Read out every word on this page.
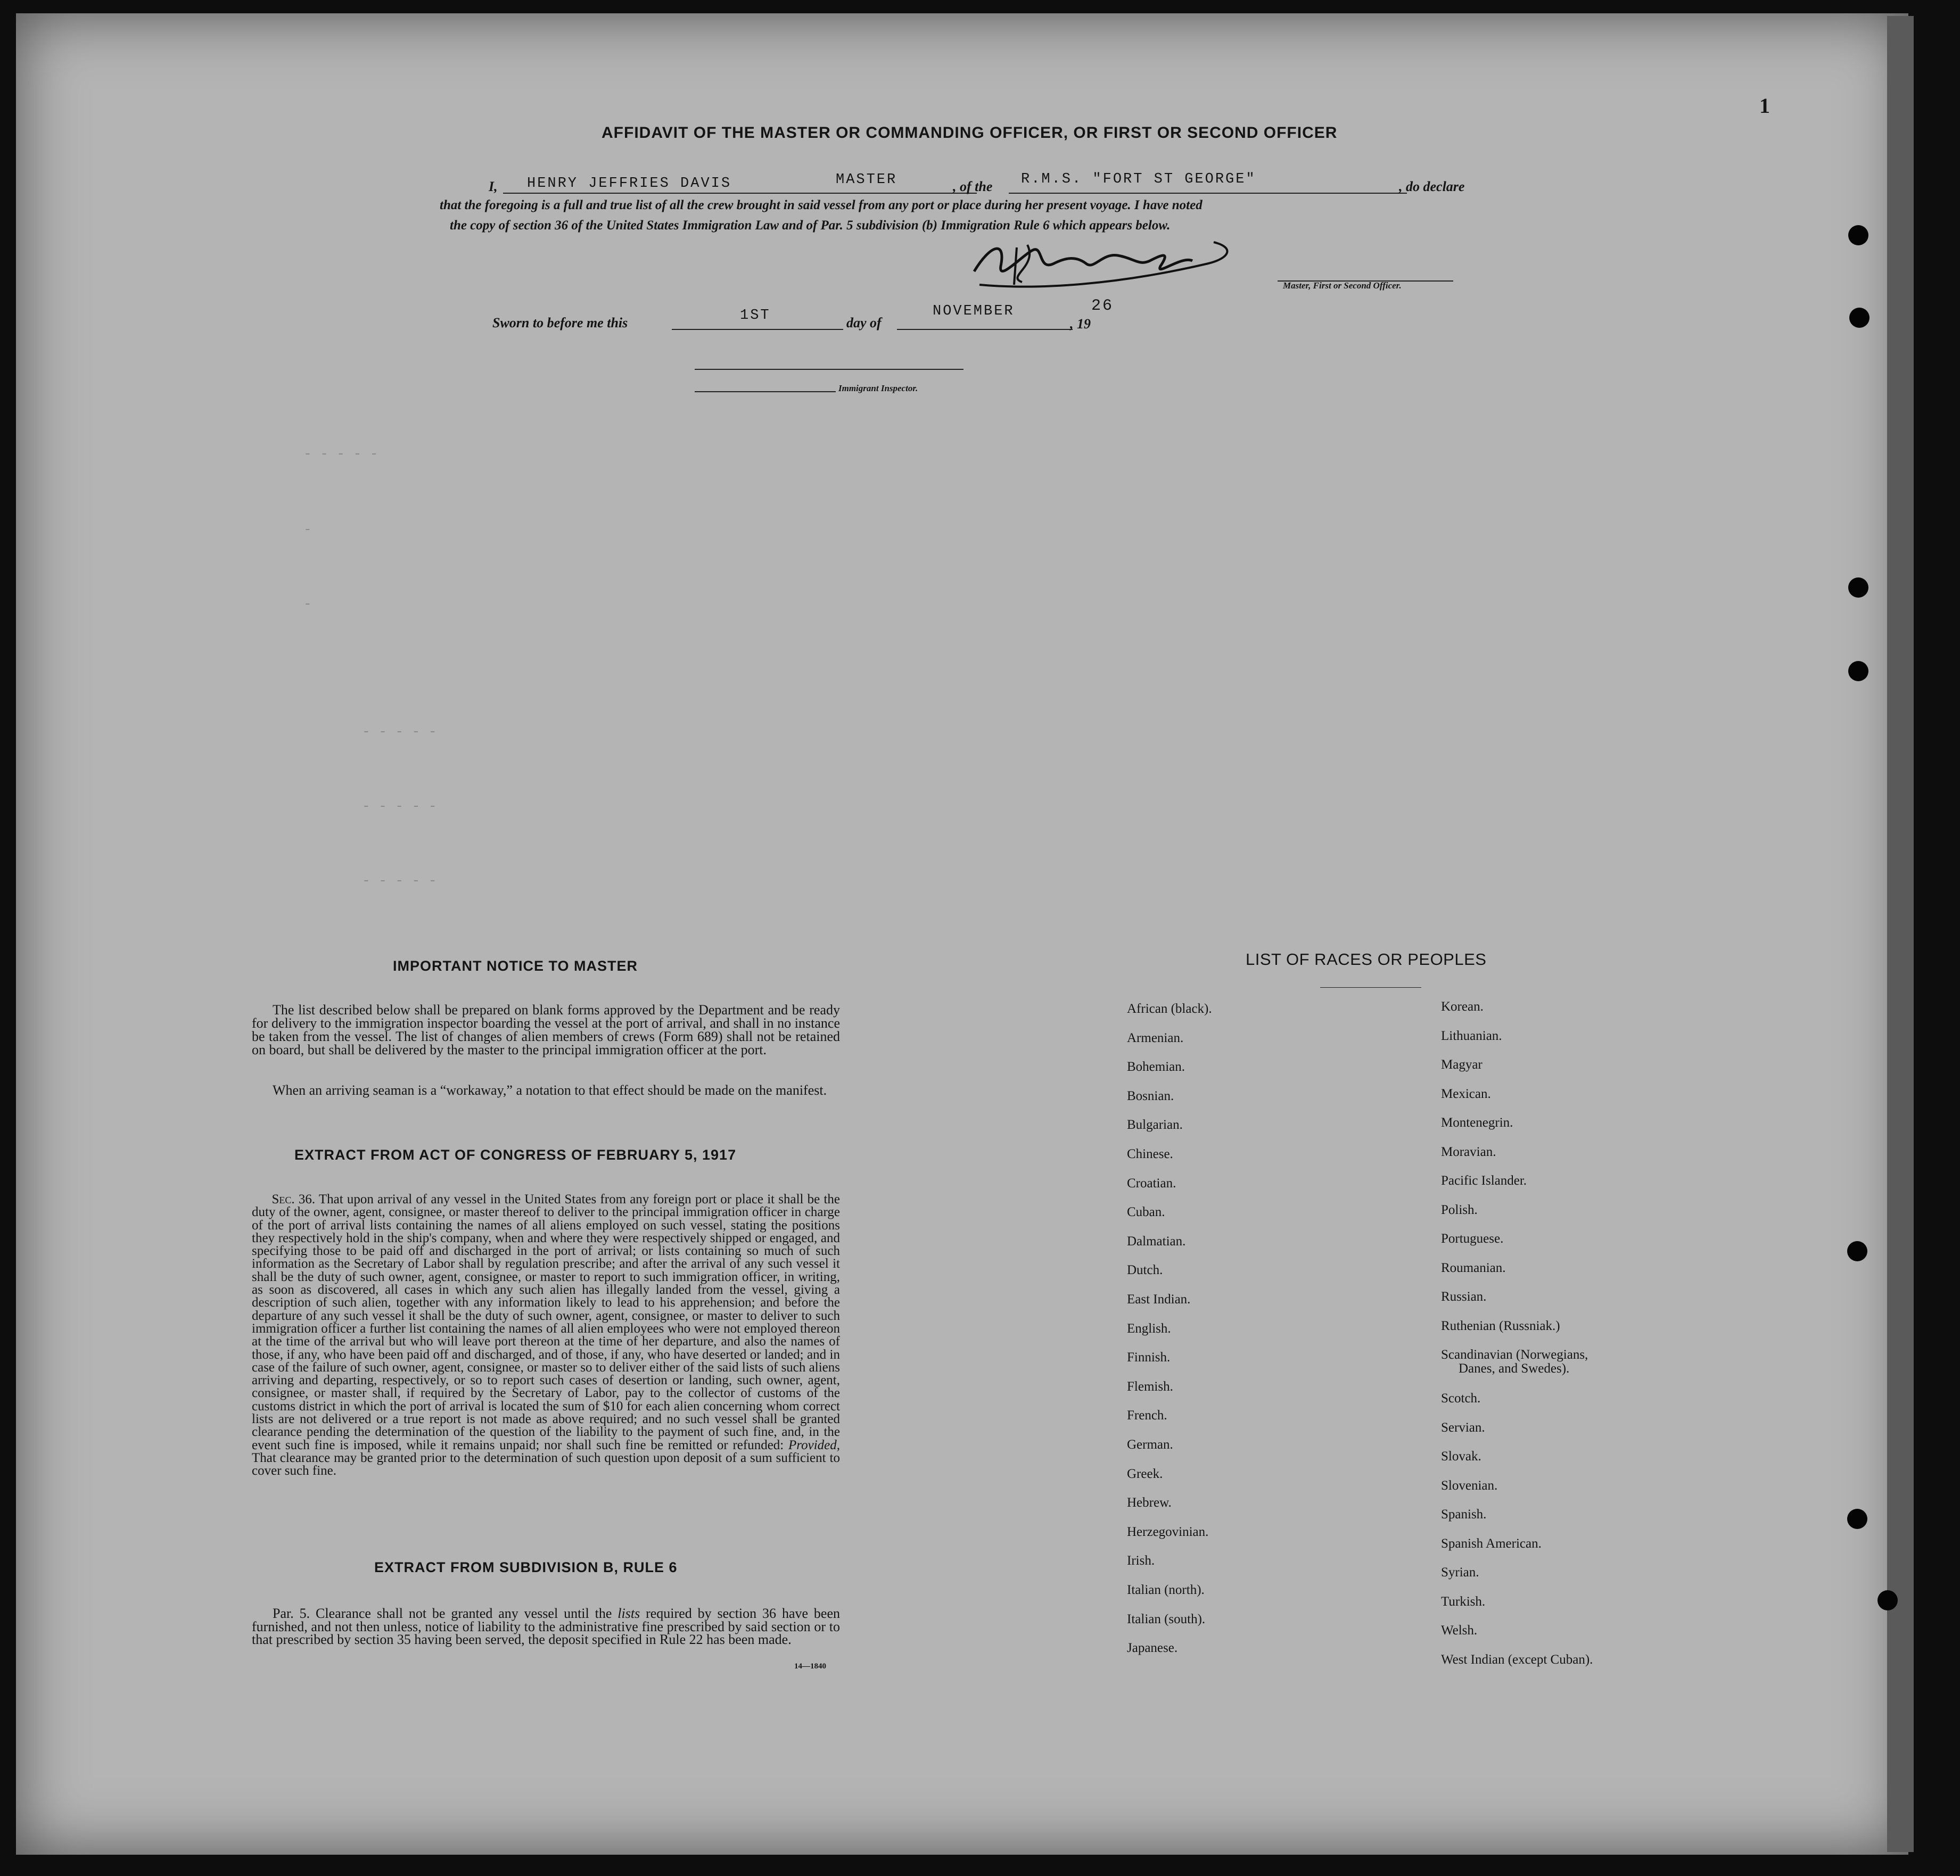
1
AFFIDAVIT OF THE MASTER OR COMMANDING OFFICER, OR FIRST OR SECOND OFFICER
I, HENRY JEFFRIES DAVIS	MASTER	, of the R.M.S. "FORT ST GEORGE"	, do declare
that the foregoing is a full and true list of all the crew brought in said vessel from any port or place during her present voyage. I have noted
the copy of section 36 of the United States Immigration Law and of Par. 5 subdivision (b) Immigration Rule 6 which appears below.
Master, First or Second Officer.
Sworn to before me this	1ST	day of
NOVEMBER
, 19
26
Immigrant Inspector.
- - - - -
-
-
- - - - -
- - - - -
- - - - -
IMPORTANT NOTICE TO MASTER
The list described below shall be prepared on blank forms approved by the Department and be ready for delivery to the immigration inspector boarding the vessel at the port of arrival, and shall in no instance be taken from the vessel. The list of changes of alien members of crews (Form 689) shall not be retained on board, but shall be delivered by the master to the principal immigration officer at the port.
When an arriving seaman is a “workaway,” a notation to that effect should be made on the manifest.
EXTRACT FROM ACT OF CONGRESS OF FEBRUARY 5, 1917
Sec. 36. That upon arrival of any vessel in the United States from any foreign port or place it shall be the duty of the owner, agent, consignee, or master thereof to deliver to the principal immigration officer in charge of the port of arrival lists containing the names of all aliens employed on such vessel, stating the positions they respectively hold in the ship's company, when and where they were respectively shipped or engaged, and specifying those to be paid off and discharged in the port of arrival; or lists containing so much of such information as the Secretary of Labor shall by regulation prescribe; and after the arrival of any such vessel it shall be the duty of such owner, agent, consignee, or master to report to such immigration officer, in writing, as soon as discovered, all cases in which any such alien has illegally landed from the vessel, giving a description of such alien, together with any information likely to lead to his apprehension; and before the departure of any such vessel it shall be the duty of such owner, agent, consignee, or master to deliver to such immigration officer a further list containing the names of all alien employees who were not employed thereon at the time of the arrival but who will leave port thereon at the time of her departure, and also the names of those, if any, who have been paid off and discharged, and of those, if any, who have deserted or landed; and in case of the failure of such owner, agent, consignee, or master so to deliver either of the said lists of such aliens arriving and departing, respectively, or so to report such cases of desertion or landing, such owner, agent, consignee, or master shall, if required by the Secretary of Labor, pay to the collector of customs of the customs district in which the port of arrival is located the sum of $10 for each alien concerning whom correct lists are not delivered or a true report is not made as above required; and no such vessel shall be granted clearance pending the determination of the question of the liability to the payment of such fine, and, in the event such fine is imposed, while it remains unpaid; nor shall such fine be remitted or refunded: Provided, That clearance may be granted prior to the determination of such question upon deposit of a sum sufficient to cover such fine.
EXTRACT FROM SUBDIVISION B, RULE 6
Par. 5. Clearance shall not be granted any vessel until the lists required by section 36 have been furnished, and not then unless, notice of liability to the administrative fine prescribed by said section or to that prescribed by section 35 having been served, the deposit specified in Rule 22 has been made.
14—1840
LIST OF RACES OR PEOPLES
African (black).
Armenian.
Bohemian.
Bosnian.
Bulgarian.
Chinese.
Croatian.
Cuban.
Dalmatian.
Dutch.
East Indian.
English.
Finnish.
Flemish.
French.
German.
Greek.
Hebrew.
Herzegovinian.
Irish.
Italian (north).
Italian (south).
Japanese.
Korean.
Lithuanian.
Magyar
Mexican.
Montenegrin.
Moravian.
Pacific Islander.
Polish.
Portuguese.
Roumanian.
Russian.
Ruthenian (Russniak.)
Scandinavian (Norwegians,
Danes, and Swedes).
Scotch.
Servian.
Slovak.
Slovenian.
Spanish.
Spanish American.
Syrian.
Turkish.
Welsh.
West Indian (except Cuban).
